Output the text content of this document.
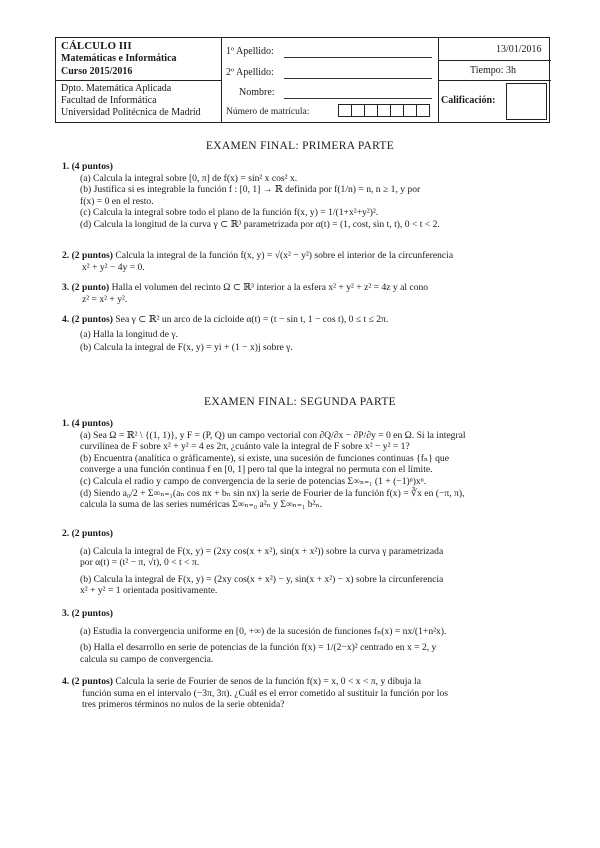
CÁLCULO III
Matemáticas e Informática
Curso 2015/2016
Dpto. Matemática Aplicada
Facultad de Informática
Universidad Politécnica de Madrid
1º Apellido:
2º Apellido:
Nombre:
Número de matrícula:
13/01/2016
Tiempo: 3h
Calificación:
EXAMEN FINAL: PRIMERA PARTE
1. (4 puntos)
(a) Calcula la integral sobre [0, π] de f(x) = sin² x cos² x.
(b) Justifica si es integrable la función f : [0, 1] → ℝ definida por f(1/n) = n, n ≥ 1, y por
f(x) = 0 en el resto.
(c) Calcula la integral sobre todo el plano de la función f(x, y) = 1/(1+x²+y²)².
(d) Calcula la longitud de la curva γ ⊂ ℝ³ parametrizada por α(t) = (1, cost, sin t, t), 0 < t < 2.
2. (2 puntos) Calcula la integral de la función f(x, y) = √(x² − y²) sobre el interior de la circunferencia
x² + y² − 4y = 0.
3. (2 punto) Halla el volumen del recinto Ω ⊂ ℝ³ interior a la esfera x² + y² + z² = 4z y al cono
z² = x² + y².
4. (2 puntos) Sea γ ⊂ ℝ² un arco de la cicloide α(t) = (t − sin t, 1 − cos t), 0 ≤ t ≤ 2π.
(a) Halla la longitud de γ.
(b) Calcula la integral de F(x, y) = yi + (1 − x)j sobre γ.
EXAMEN FINAL: SEGUNDA PARTE
1. (4 puntos)
(a) Sea Ω = ℝ² \ {(1, 1)}, y F = (P, Q) un campo vectorial con ∂Q/∂x − ∂P/∂y = 0 en Ω. Si la integral
curvilínea de F sobre x² + y² = 4 es 2π, ¿cuánto vale la integral de F sobre x² − y² = 1?
(b) Encuentra (analítica o gráficamente), si existe, una sucesión de funciones continuas {fₙ} que
converge a una función continua f en [0, 1] pero tal que la integral no permuta con el límite.
(c) Calcula el radio y campo de convergencia de la serie de potencias Σ∞ₙ₌₁ (1 + (−1)ⁿ)xⁿ.
(d) Siendo a₀/2 + Σ∞ₙ₌₁(aₙ cos nx + bₙ sin nx) la serie de Fourier de la función f(x) = ∛x en (−π, π),
calcula la suma de las series numéricas Σ∞ₙ₌₀ a²ₙ y Σ∞ₙ₌₁ b²ₙ.
2. (2 puntos)
(a) Calcula la integral de F(x, y) = (2xy cos(x + x²), sin(x + x²)) sobre la curva γ parametrizada
por α(t) = (t² − π, √t), 0 < t < π.
(b) Calcula la integral de F(x, y) = (2xy cos(x + x²) − y, sin(x + x²) − x) sobre la circunferencia
x² + y² = 1 orientada positivamente.
3. (2 puntos)
(a) Estudia la convergencia uniforme en [0, +∞) de la sucesión de funciones fₙ(x) = nx/(1+n²x).
(b) Halla el desarrollo en serie de potencias de la función f(x) = 1/(2−x)² centrado en x = 2, y
calcula su campo de convergencia.
4. (2 puntos) Calcula la serie de Fourier de senos de la función f(x) = x, 0 < x < π, y dibuja la
función suma en el intervalo (−3π, 3π). ¿Cuál es el error cometido al sustituir la función por los
tres primeros términos no nulos de la serie obtenida?
